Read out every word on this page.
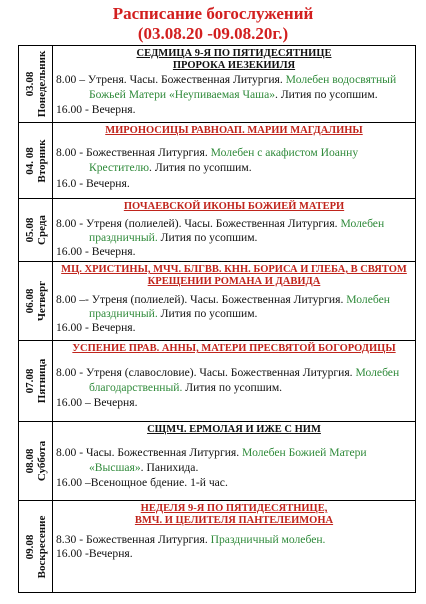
Расписание богослужений
(03.08.20 -09.08.20г.)
03.08 Понедельник	СЕДМИЦА 9-Я ПО ПЯТИДЕСЯТНИЦЕ
ПРОРОКА ИЕЗЕКИИЛЯ
8.00 – Утреня. Часы. Божественная Литургия. Молебен водосвятный
Божьей Матери «Неупиваемая Чаша». Лития по усопшим.
16.00 - Вечерня.
04. 08 Вторник
МИРОНОСИЦЫ РАВНОАП. МАРИИ МАГДАЛИНЫ
8.00 - Божественная Литургия. Молебен с акафистом Иоанну
Крестителю. Лития по усопшим.
16.0 - Вечерня.
05.08 Среда
ПОЧАЕВСКОЙ ИКОНЫ БОЖИЕЙ МАТЕРИ
8.00 - Утреня (полиелей). Часы. Божественная Литургия. Молебен
праздничный. Лития по усопшим.
16.00 - Вечерня.
06.08 Четверг
МЦ. ХРИСТИНЫ, МЧЧ. БЛГВВ. КНН. БОРИСА И ГЛЕБА, В СВЯТОМ
КРЕЩЕНИИ РОМАНА И ДАВИДА
8.00 –- Утреня (полиелей). Часы. Божественная Литургия. Молебен
праздничный. Лития по усопшим.
16.00 - Вечерня.
07.08 Пятница
УСПЕНИЕ ПРАВ. АННЫ, МАТЕРИ ПРЕСВЯТОЙ БОГОРОДИЦЫ
8.00 - Утреня (славословие). Часы. Божественная Литургия. Молебен
благодарственный. Лития по усопшим.
16.00 – Вечерня.
08.08 Суббота
СЩМЧ. ЕРМОЛАЯ И ИЖЕ С НИМ
8.00 - Часы. Божественная Литургия. Молебен Божией Матери
«Высшая». Панихида.
16.00 –Всенощное бдение. 1-й час.
09.08 Воскресение
НЕДЕЛЯ 9-Я ПО ПЯТИДЕСЯТНИЦЕ,
ВМЧ. И ЦЕЛИТЕЛЯ ПАНТЕЛЕИМОНА
8.30 - Божественная Литургия. Праздничный молебен.
16.00 -Вечерня.
